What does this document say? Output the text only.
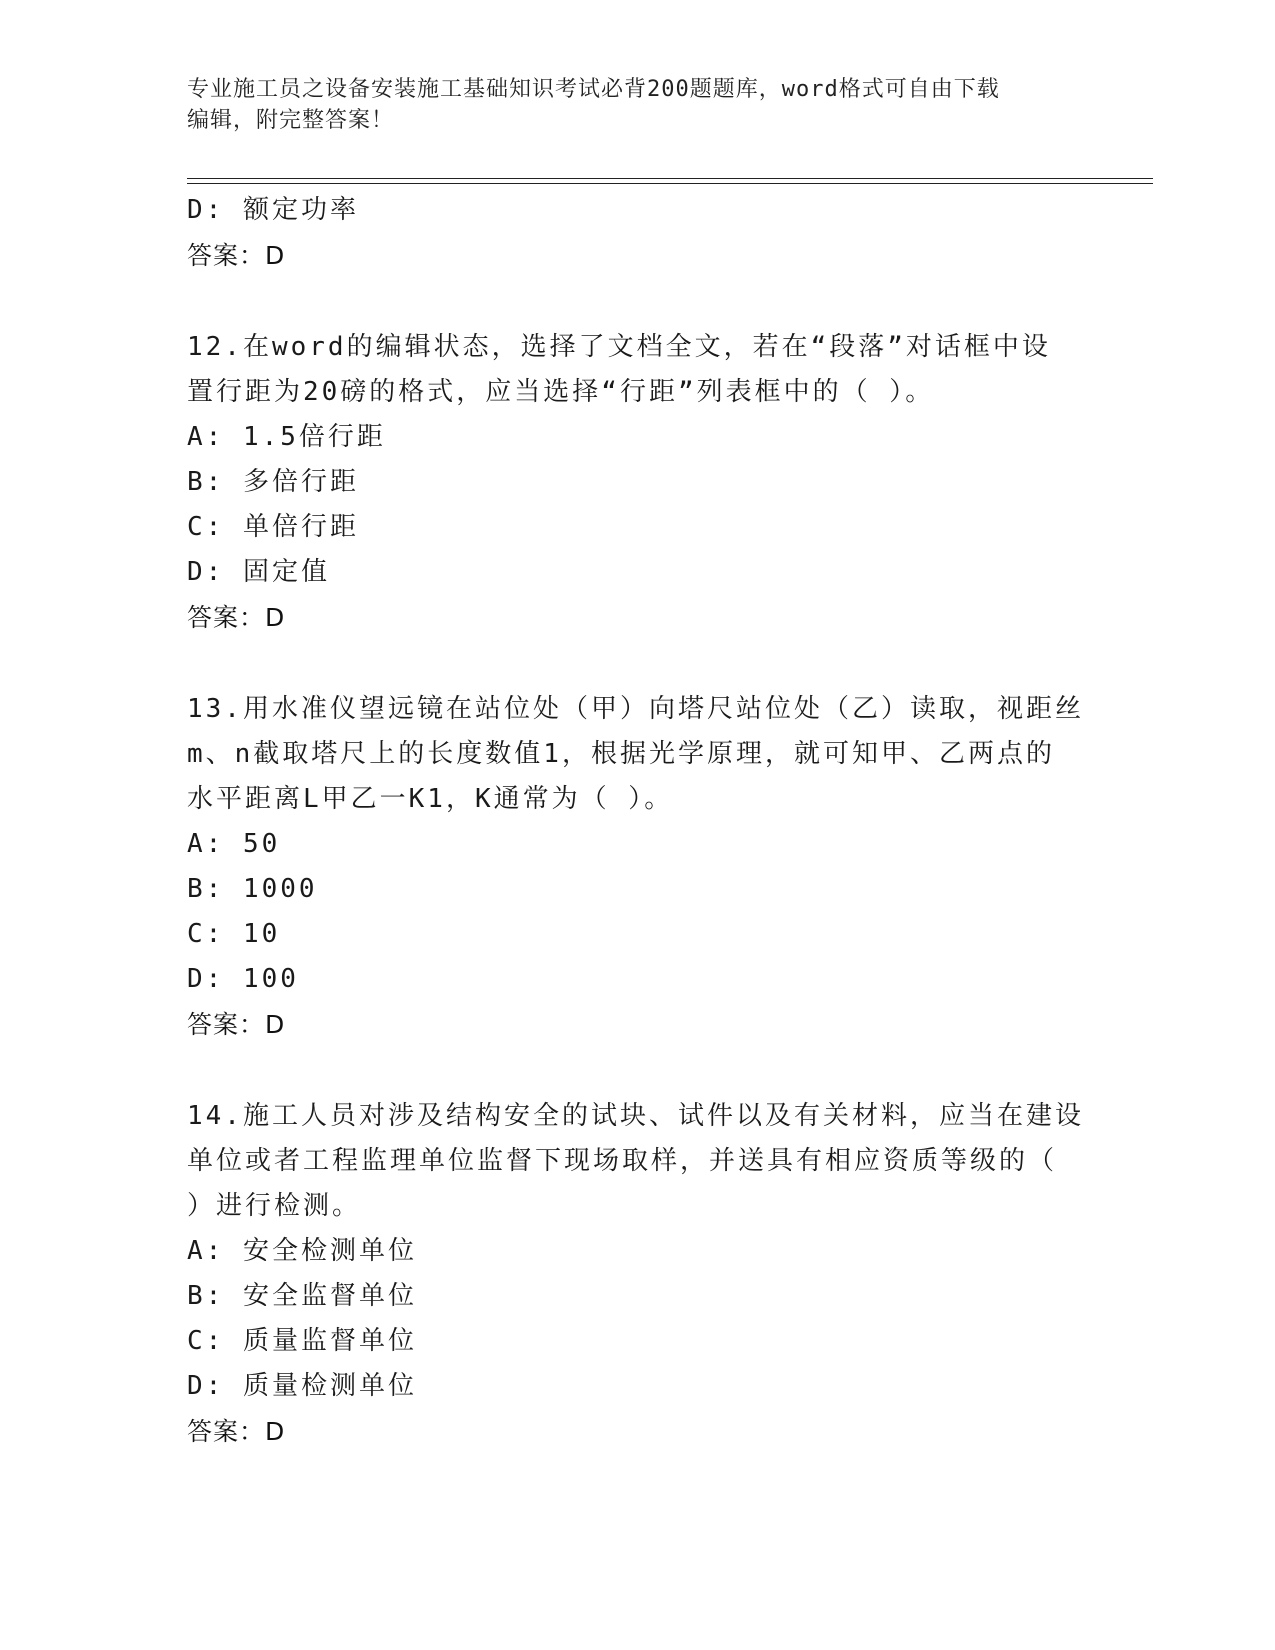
专业施工员之设备安装施工基础知识考试必背200题题库，word格式可自由下载
编辑，附完整答案！
D: 额定功率
答案：D
12.在word的编辑状态，选择了文档全文，若在“段落”对话框中设
置行距为20磅的格式，应当选择“行距”列表框中的（ ）。
A: 1.5倍行距
B: 多倍行距
C: 单倍行距
D: 固定值
答案：D
13.用水准仪望远镜在站位处（甲）向塔尺站位处（乙）读取，视距丝
m、n截取塔尺上的长度数值1，根据光学原理，就可知甲、乙两点的
水平距离L甲乙一K1，K通常为（ ）。
A: 50
B: 1000
C: 10
D: 100
答案：D
14.施工人员对涉及结构安全的试块、试件以及有关材料，应当在建设
单位或者工程监理单位监督下现场取样，并送具有相应资质等级的（
）进行检测。
A: 安全检测单位
B: 安全监督单位
C: 质量监督单位
D: 质量检测单位
答案：D
